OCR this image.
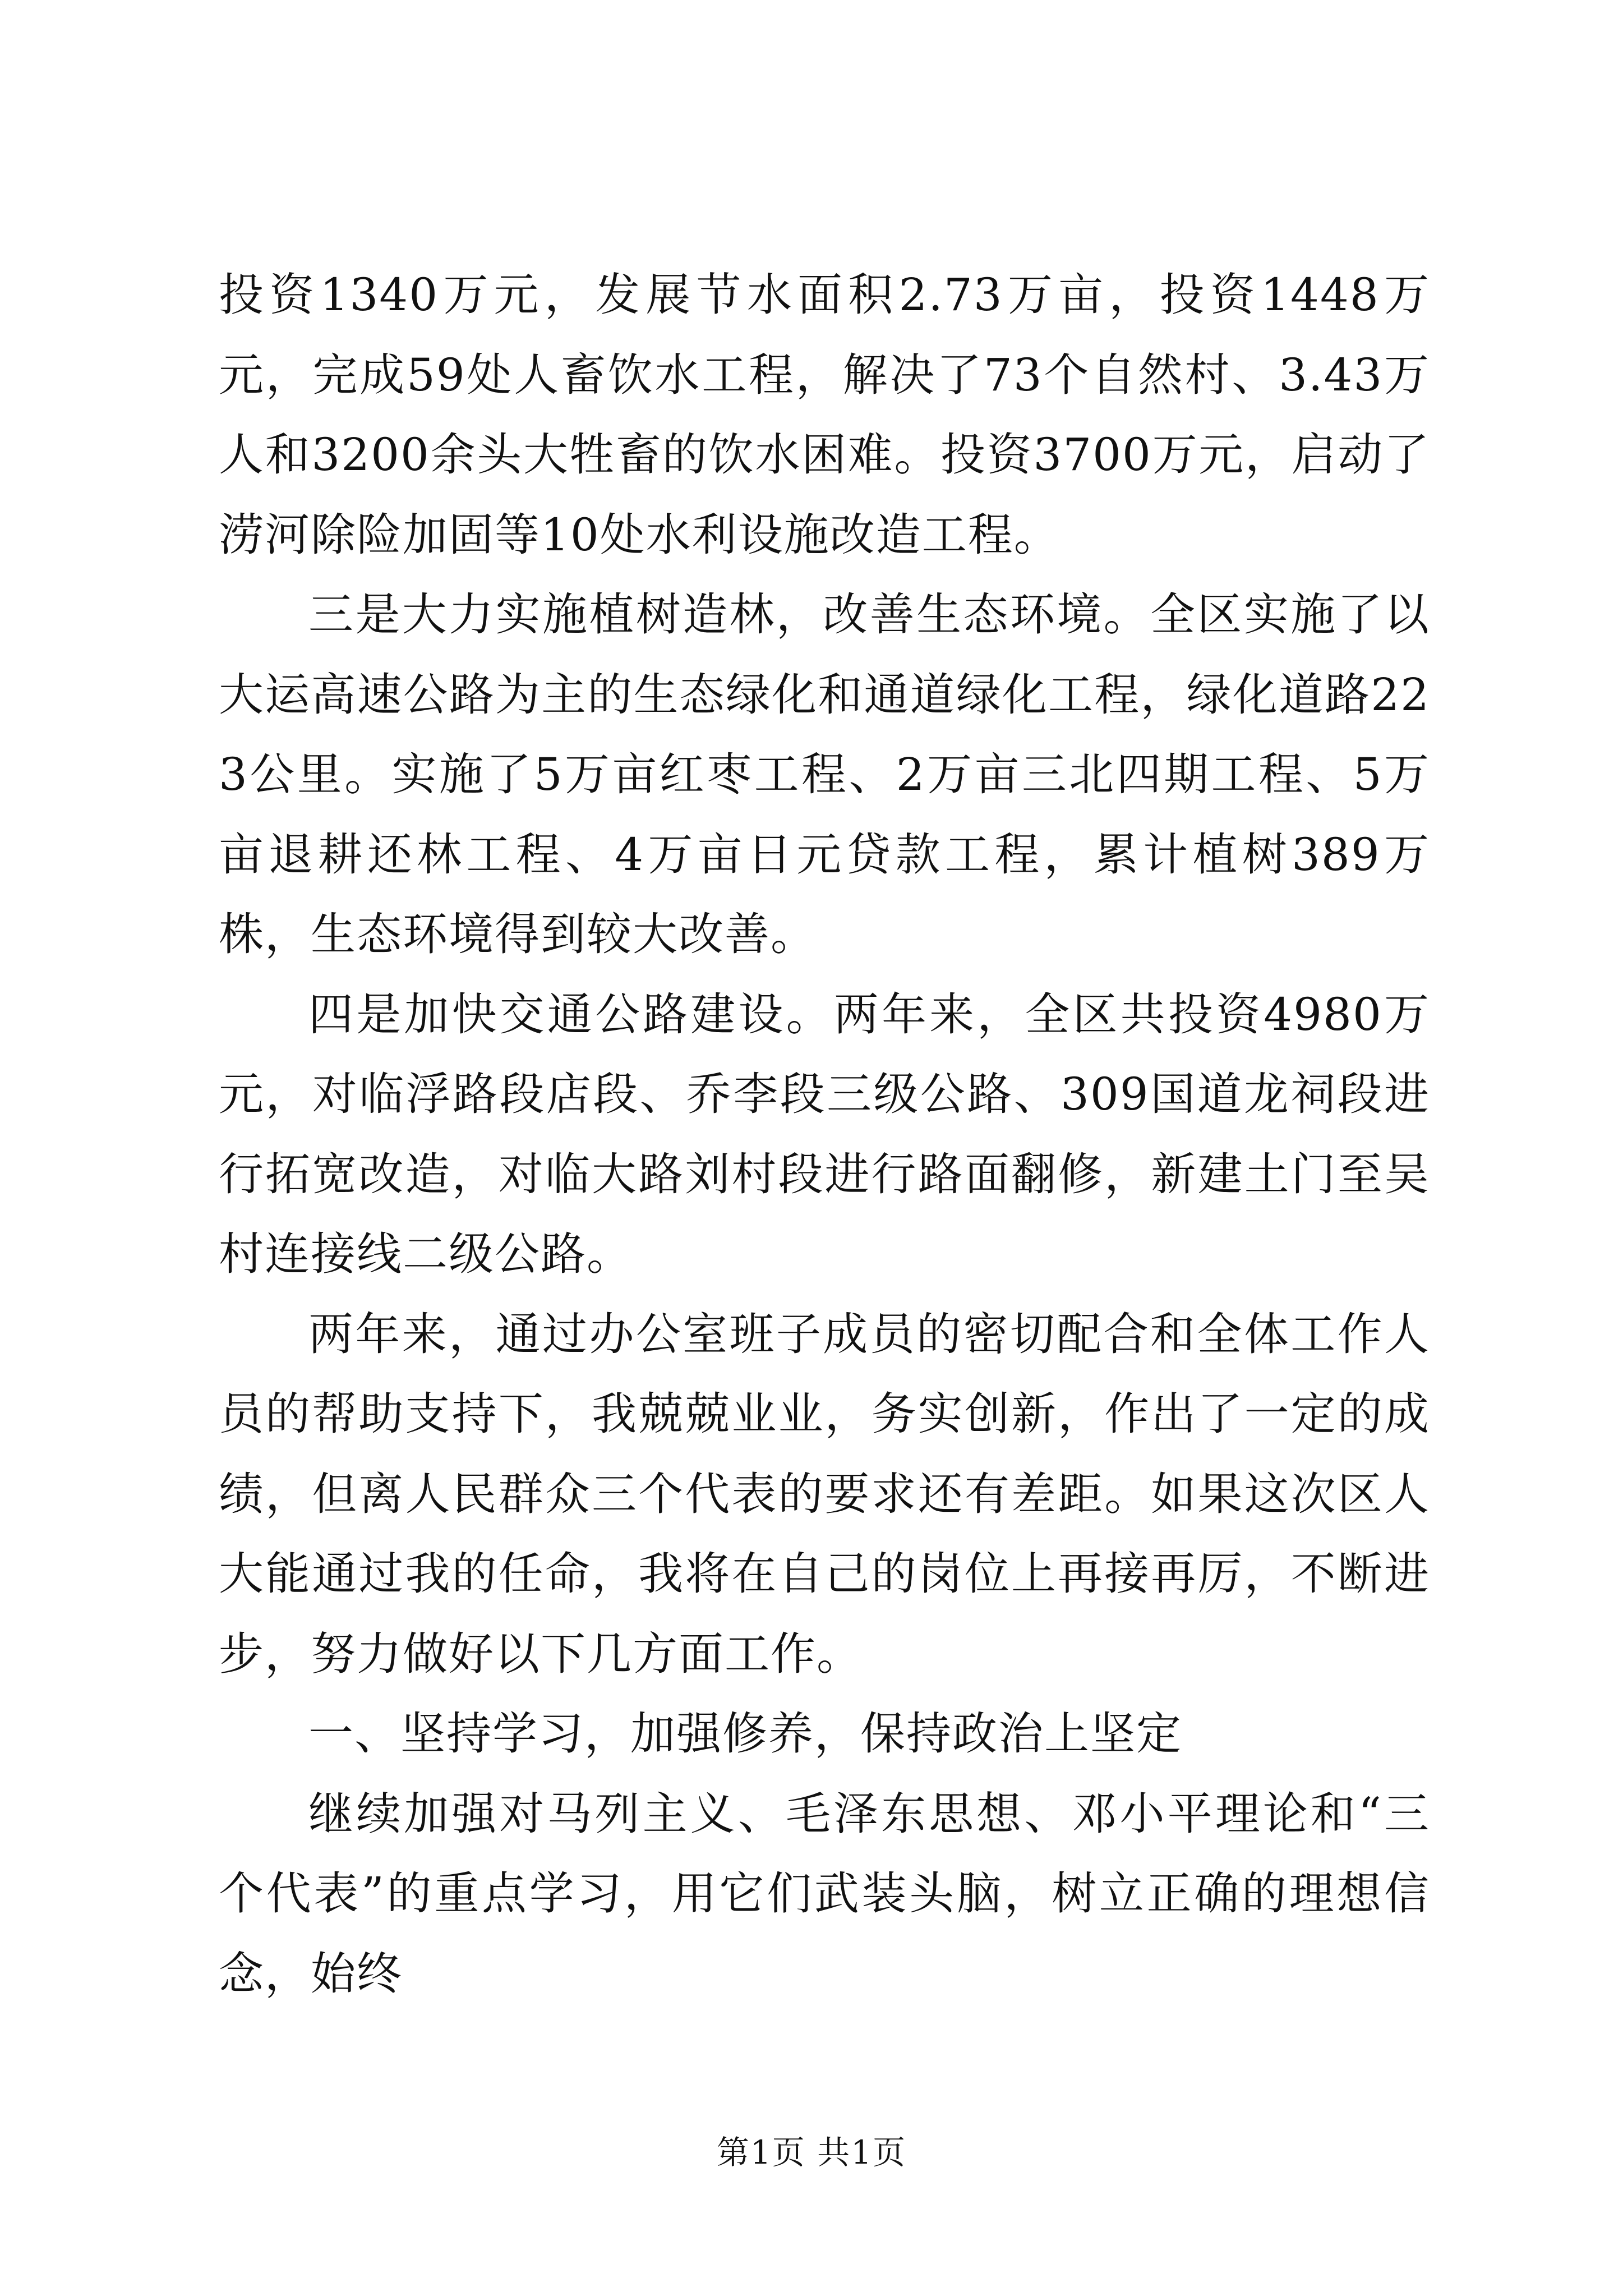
投资1340万元，发展节水面积2.73万亩，投资1448万元，完成59处人畜饮水工程，解决了73个自然村、3.43万人和3200余头大牲畜的饮水困难。投资3700万元，启动了涝河除险加固等10处水利设施改造工程。

三是大力实施植树造林，改善生态环境。全区实施了以大运高速公路为主的生态绿化和通道绿化工程，绿化道路223公里。实施了5万亩红枣工程、2万亩三北四期工程、5万亩退耕还林工程、4万亩日元贷款工程，累计植树389万株，生态环境得到较大改善。

四是加快交通公路建设。两年来，全区共投资4980万元，对临浮路段店段、乔李段三级公路、309国道龙祠段进行拓宽改造，对临大路刘村段进行路面翻修，新建土门至吴村连接线二级公路。

两年来，通过办公室班子成员的密切配合和全体工作人员的帮助支持下，我兢兢业业，务实创新，作出了一定的成绩，但离人民群众三个代表的要求还有差距。如果这次区人大能通过我的任命，我将在自己的岗位上再接再厉，不断进步，努力做好以下几方面工作。

一、坚持学习，加强修养，保持政治上坚定

继续加强对马列主义、毛泽东思想、邓小平理论和“三个代表”的重点学习，用它们武装头脑，树立正确的理想信念，始终

第1页 共1页
